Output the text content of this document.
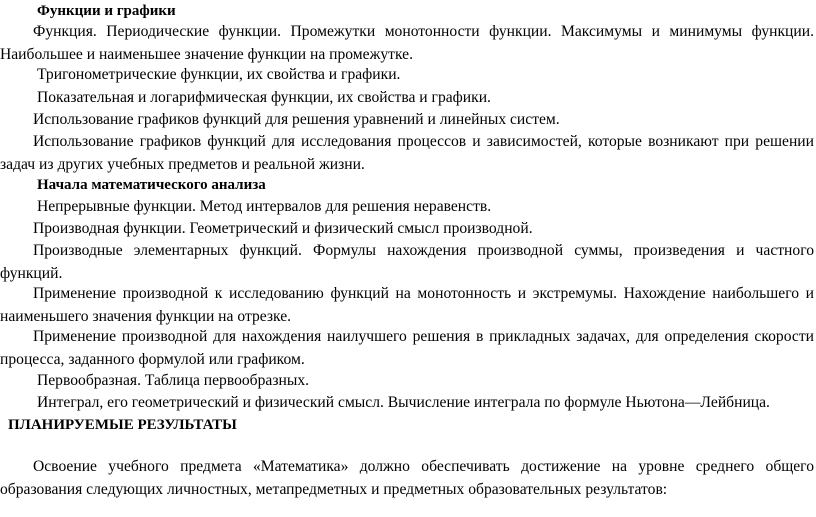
Функции и графики

Функция. Периодические функции. Промежутки монотонности функции. Максимумы и минимумы функции. Наибольшее и наименьшее значение функции на промежутке.

Тригонометрические функции, их свойства и графики.
Показательная и логарифмическая функции, их свойства и графики.
Использование графиков функций для решения уравнений и линейных систем.

Использование графиков функций для исследования процессов и зависимостей, которые возникают при решении задач из других учебных предметов и реальной жизни.

Начала математического анализа
Непрерывные функции. Метод интервалов для решения неравенств.
Производная функции. Геометрический и физический смысл производной.

Производные элементарных функций. Формулы нахождения производной суммы, произведения и частного функций.

Применение производной к исследованию функций на монотонность и экстремумы. Нахождение наибольшего и наименьшего значения функции на отрезке.

Применение производной для нахождения наилучшего решения в прикладных задачах, для определения скорости процесса, заданного формулой или графиком.

Первообразная. Таблица первообразных.
Интеграл, его геометрический и физический смысл. Вычисление интеграла по формуле Ньютона—Лейбница.
ПЛАНИРУЕМЫЕ РЕЗУЛЬТАТЫ

Освоение учебного предмета «Математика» должно обеспечивать достижение на уровне среднего общего образования следующих личностных, метапредметных и предметных образовательных результатов:
